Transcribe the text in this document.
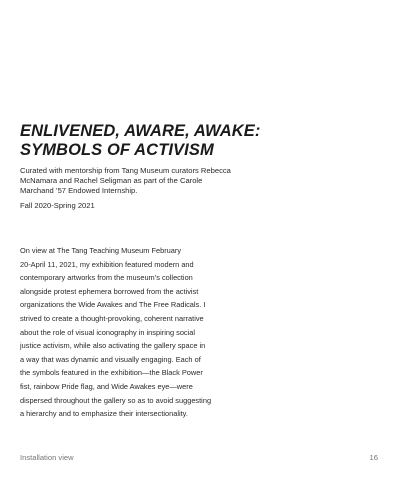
ENLIVENED, AWARE, AWAKE:
SYMBOLS OF ACTIVISM

Curated with mentorship from Tang Museum curators Rebecca
McNamara and Rachel Seligman as part of the Carole
Marchand ’57 Endowed Internship.

Fall 2020-Spring 2021

On view at The Tang Teaching Museum February
20-April 11, 2021, my exhibition featured modern and
contemporary artworks from the museum’s collection
alongside protest ephemera borrowed from the activist
organizations the Wide Awakes and The Free Radicals. I
strived to create a thought-provoking, coherent narrative
about the role of visual iconography in inspiring social
justice activism, while also activating the gallery space in
a way that was dynamic and visually engaging. Each of
the symbols featured in the exhibition—the Black Power
fist, rainbow Pride flag, and Wide Awakes eye—were
dispersed throughout the gallery so as to avoid suggesting
a hierarchy and to emphasize their intersectionality.

Installation view	16
